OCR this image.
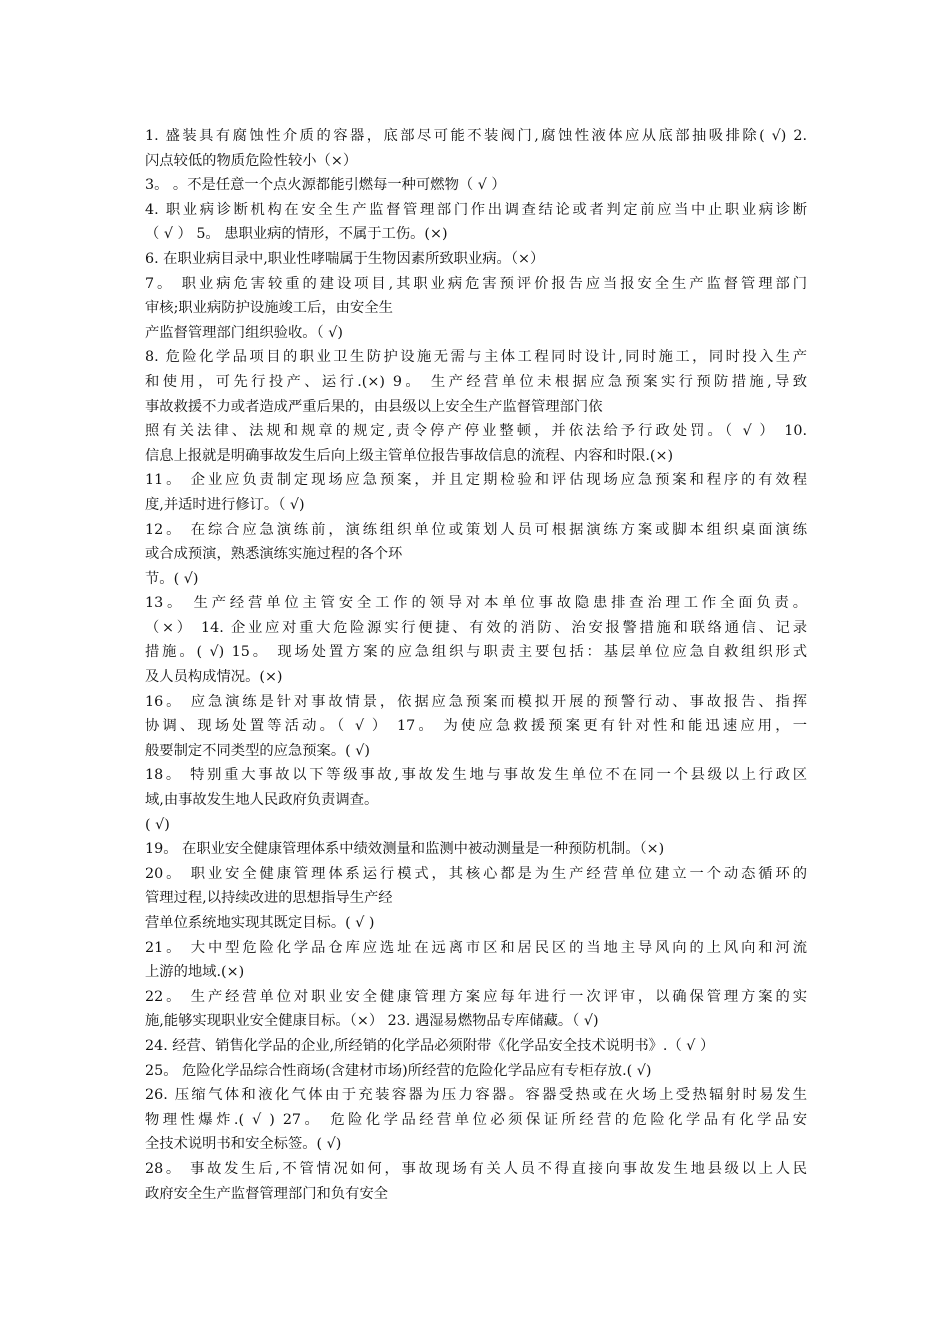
1. 盛装具有腐蚀性介质的容器，底部尽可能不装阀门,腐蚀性液体应从底部抽吸排除( √) 2.
闪点较低的物质危险性较小（×）
3。 。不是任意一个点火源都能引燃每一种可燃物（ √ ）
4. 职业病诊断机构在安全生产监督管理部门作出调查结论或者判定前应当中止职业病诊断
（ √ ） 5。 患职业病的情形，不属于工伤。(×)
6. 在职业病目录中,职业性哮喘属于生物因素所致职业病。（×）
7。 职业病危害较重的建设项目,其职业病危害预评价报告应当报安全生产监督管理部门
审核;职业病防护设施竣工后，由安全生
产监督管理部门组织验收。（ √)
8. 危险化学品项目的职业卫生防护设施无需与主体工程同时设计,同时施工，同时投入生产
和使用，可先行投产、运行.(×) 9。 生产经营单位未根据应急预案实行预防措施,导致
事故救援不力或者造成严重后果的，由县级以上安全生产监督管理部门依
照有关法律、法规和规章的规定,责令停产停业整顿，并依法给予行政处罚。（ √ ） 10.
信息上报就是明确事故发生后向上级主管单位报告事故信息的流程、内容和时限.(×)
11。 企业应负责制定现场应急预案，并且定期检验和评估现场应急预案和程序的有效程
度,并适时进行修订。（ √)
12。 在综合应急演练前，演练组织单位或策划人员可根据演练方案或脚本组织桌面演练
或合成预演，熟悉演练实施过程的各个环
节。( √)
13。 生产经营单位主管安全工作的领导对本单位事故隐患排查治理工作全面负责。
（×） 14. 企业应对重大危险源实行便捷、有效的消防、治安报警措施和联络通信、记录
措施。( √) 15。 现场处置方案的应急组织与职责主要包括：基层单位应急自救组织形式
及人员构成情况。(×)
16。 应急演练是针对事故情景，依据应急预案而模拟开展的预警行动、事故报告、指挥
协调、现场处置等活动。（ √ ） 17。 为使应急救援预案更有针对性和能迅速应用，一
般要制定不同类型的应急预案。( √)
18。 特别重大事故以下等级事故,事故发生地与事故发生单位不在同一个县级以上行政区
域,由事故发生地人民政府负责调查。
( √)
19。 在职业安全健康管理体系中绩效测量和监测中被动测量是一种预防机制。（×)
20。 职业安全健康管理体系运行模式，其核心都是为生产经营单位建立一个动态循环的
管理过程,以持续改进的思想指导生产经
营单位系统地实现其既定目标。( √ )
21。 大中型危险化学品仓库应选址在远离市区和居民区的当地主导风向的上风向和河流
上游的地域.(×)
22。 生产经营单位对职业安全健康管理方案应每年进行一次评审，以确保管理方案的实
施,能够实现职业安全健康目标。（×） 23. 遇湿易燃物品专库储藏。（ √)
24. 经营、销售化学品的企业,所经销的化学品必须附带《化学品安全技术说明书》.（ √ ）
25。 危险化学品综合性商场(含建材市场)所经营的危险化学品应有专柜存放.( √)
26. 压缩气体和液化气体由于充装容器为压力容器。容器受热或在火场上受热辐射时易发生
物理性爆炸.( √ ) 27。 危险化学品经营单位必须保证所经营的危险化学品有化学品安
全技术说明书和安全标签。( √)
28。 事故发生后,不管情况如何，事故现场有关人员不得直接向事故发生地县级以上人民
政府安全生产监督管理部门和负有安全
